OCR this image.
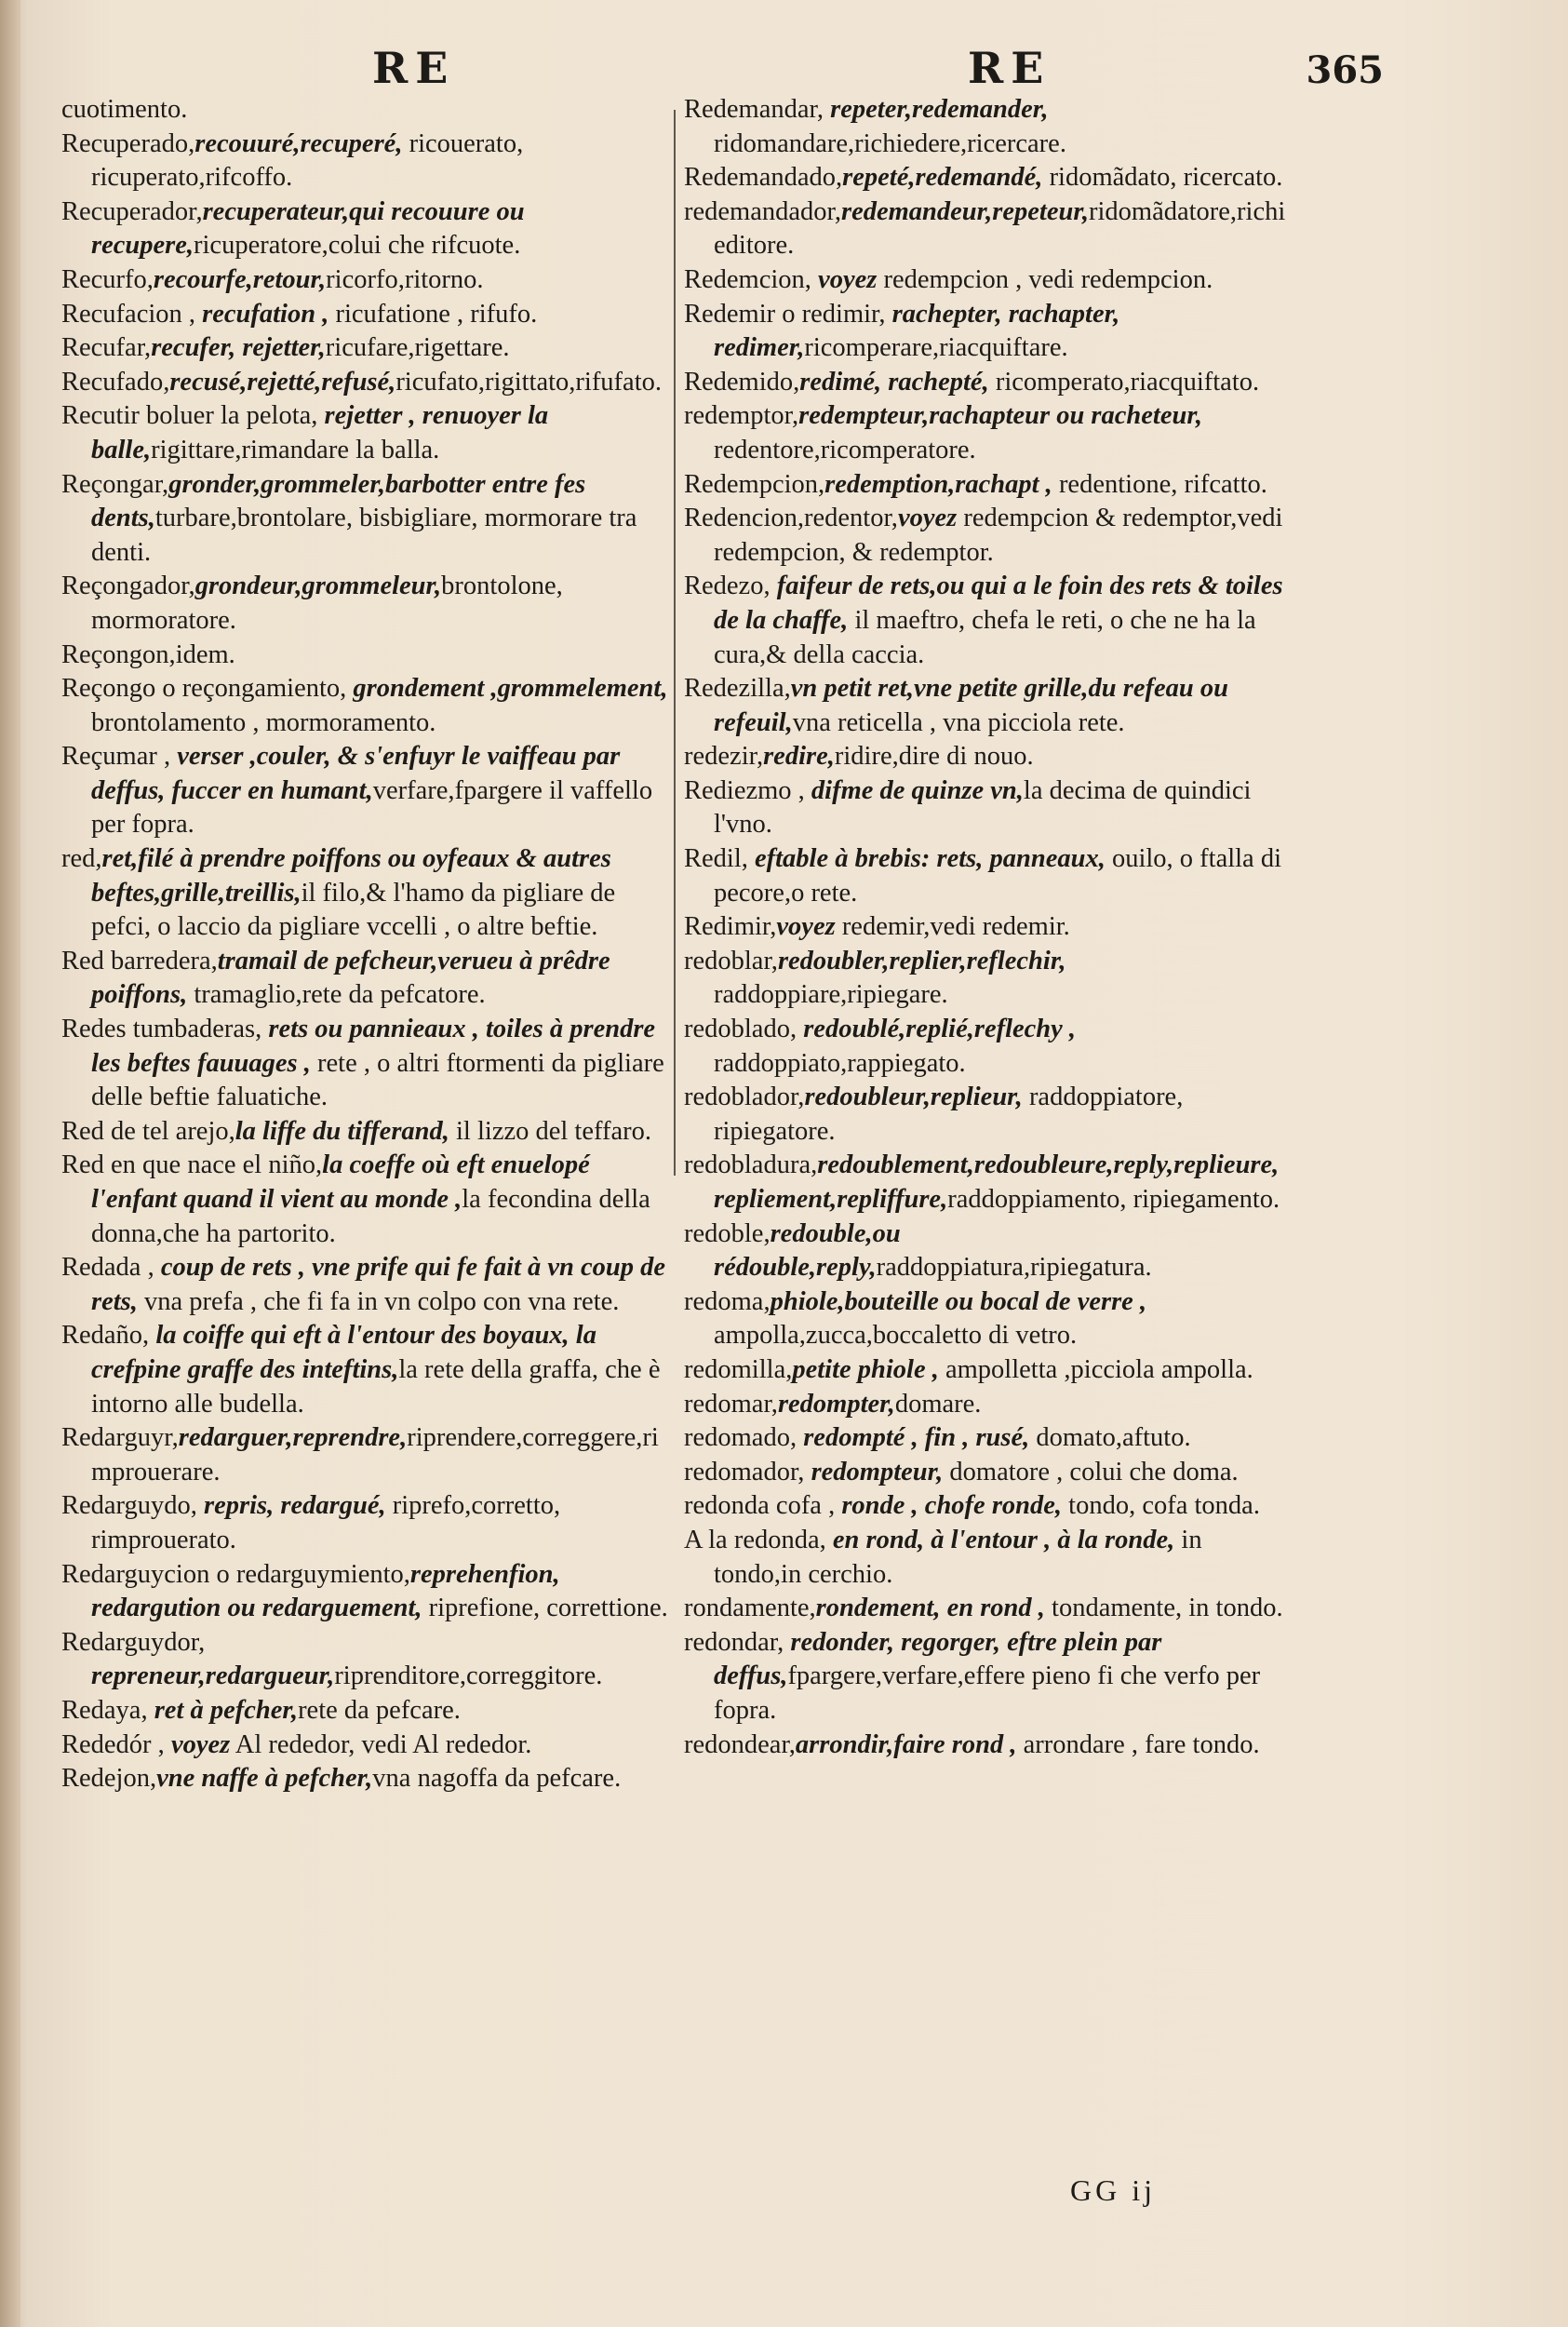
RE	RE	365

cuotimento.

Recuperado,recouuré,recuperé, ricouerato, ricuperato,rifcoffo.

Recuperador,recuperateur,qui recouure ou recupere,ricuperatore,colui che rifcuote.

Recurfo,recourfe,retour,ricorfo,ritorno.

Recufacion , recufation , ricufatione , rifufo.

Recufar,recufer, rejetter,ricufare,rigettare.

Recufado,recusé,rejetté,refusé,ricufato,rigittato,rifufato.

Recutir boluer la pelota, rejetter , renuoyer la balle,rigittare,rimandare la balla.

Reçongar,gronder,grommeler,barbotter entre fes dents,turbare,brontolare, bisbigliare, mormorare tra denti.

Reçongador,grondeur,grommeleur,brontolone, mormoratore.

Reçongon,idem.

Reçongo o reçongamiento, grondement ,grommelement, brontolamento , mormoramento.

Reçumar , verser ,couler, & s'enfuyr le vaiffeau par deffus, fuccer en humant,verfare,fpargere il vaffello per fopra.

red,ret,filé à prendre poiffons ou oyfeaux & autres beftes,grille,treillis,il filo,& l'hamo da pigliare de pefci, o laccio da pigliare vccelli , o altre beftie.

Red barredera,tramail de pefcheur,verueu à prêdre poiffons, tramaglio,rete da pefcatore.

Redes tumbaderas, rets ou pannieaux , toiles à prendre les beftes fauuages , rete , o altri ftormenti da pigliare delle beftie faluatiche.

Red de tel arejo,la liffe du tifferand, il lizzo del teffaro.

Red en que nace el niño,la coeffe où eft enuelopé l'enfant quand il vient au monde ,la fecondina della donna,che ha partorito.

Redada , coup de rets , vne prife qui fe fait à vn coup de rets, vna prefa , che fi fa in vn colpo con vna rete.

Redaño, la coiffe qui eft à l'entour des boyaux, la crefpine graffe des inteftins,la rete della graffa, che è intorno alle budella.

Redarguyr,redarguer,reprendre,riprendere,correggere,rimprouerare.

Redarguydo, repris, redargué, riprefo,corretto, rimprouerato.

Redarguycion o redarguymiento,reprehenfion, redargution ou redarguement, riprefione, correttione.

Redarguydor, repreneur,redargueur,riprenditore,correggitore.

Redaya, ret à pefcher,rete da pefcare.

Rededór , voyez Al rededor, vedi Al rededor.

Redejon,vne naffe à pefcher,vna nagoffa da pefcare.

Redemandar, repeter,redemander, ridomandare,richiedere,ricercare.

Redemandado,repeté,redemandé, ridomãdato, ricercato.

redemandador,redemandeur,repeteur,ridomãdatore,richieditore.

Redemcion, voyez redempcion , vedi redempcion.

Redemir o redimir, rachepter, rachapter, redimer,ricomperare,riacquiftare.

Redemido,redimé, rachepté, ricomperato,riacquiftato.

redemptor,redempteur,rachapteur ou racheteur, redentore,ricomperatore.

Redempcion,redemption,rachapt , redentione, rifcatto.

Redencion,redentor,voyez redempcion & redemptor,vedi redempcion, & redemptor.

Redezo, faifeur de rets,ou qui a le foin des rets & toiles de la chaffe, il maeftro, chefa le reti, o che ne ha la cura,& della caccia.

Redezilla,vn petit ret,vne petite grille,du refeau ou refeuil,vna reticella , vna picciola rete.

redezir,redire,ridire,dire di nouo.

Rediezmo , difme de quinze vn,la decima de quindici l'vno.

Redil, eftable à brebis: rets, panneaux, ouilo, o ftalla di pecore,o rete.

Redimir,voyez redemir,vedi redemir.

redoblar,redoubler,replier,reflechir, raddoppiare,ripiegare.

redoblado, redoublé,replié,reflechy , raddoppiato,rappiegato.

redoblador,redoubleur,replieur, raddoppiatore, ripiegatore.

redobladura,redoublement,redoubleure,reply,replieure,repliement,repliffure,raddoppiamento, ripiegamento.

redoble,redouble,ou rédouble,reply,raddoppiatura,ripiegatura.

redoma,phiole,bouteille ou bocal de verre , ampolla,zucca,boccaletto di vetro.

redomilla,petite phiole , ampolletta ,picciola ampolla.

redomar,redompter,domare.

redomado, redompté , fin , rusé, domato,aftuto.

redomador, redompteur, domatore , colui che doma.

redonda cofa , ronde , chofe ronde, tondo, cofa tonda.

A la redonda, en rond, à l'entour , à la ronde, in tondo,in cerchio.

rondamente,rondement, en rond , tondamente, in tondo.

redondar, redonder, regorger, eftre plein par deffus,fpargere,verfare,effere pieno fi che verfo per fopra.

redondear,arrondir,faire rond , arrondare , fare tondo.

GG ij
